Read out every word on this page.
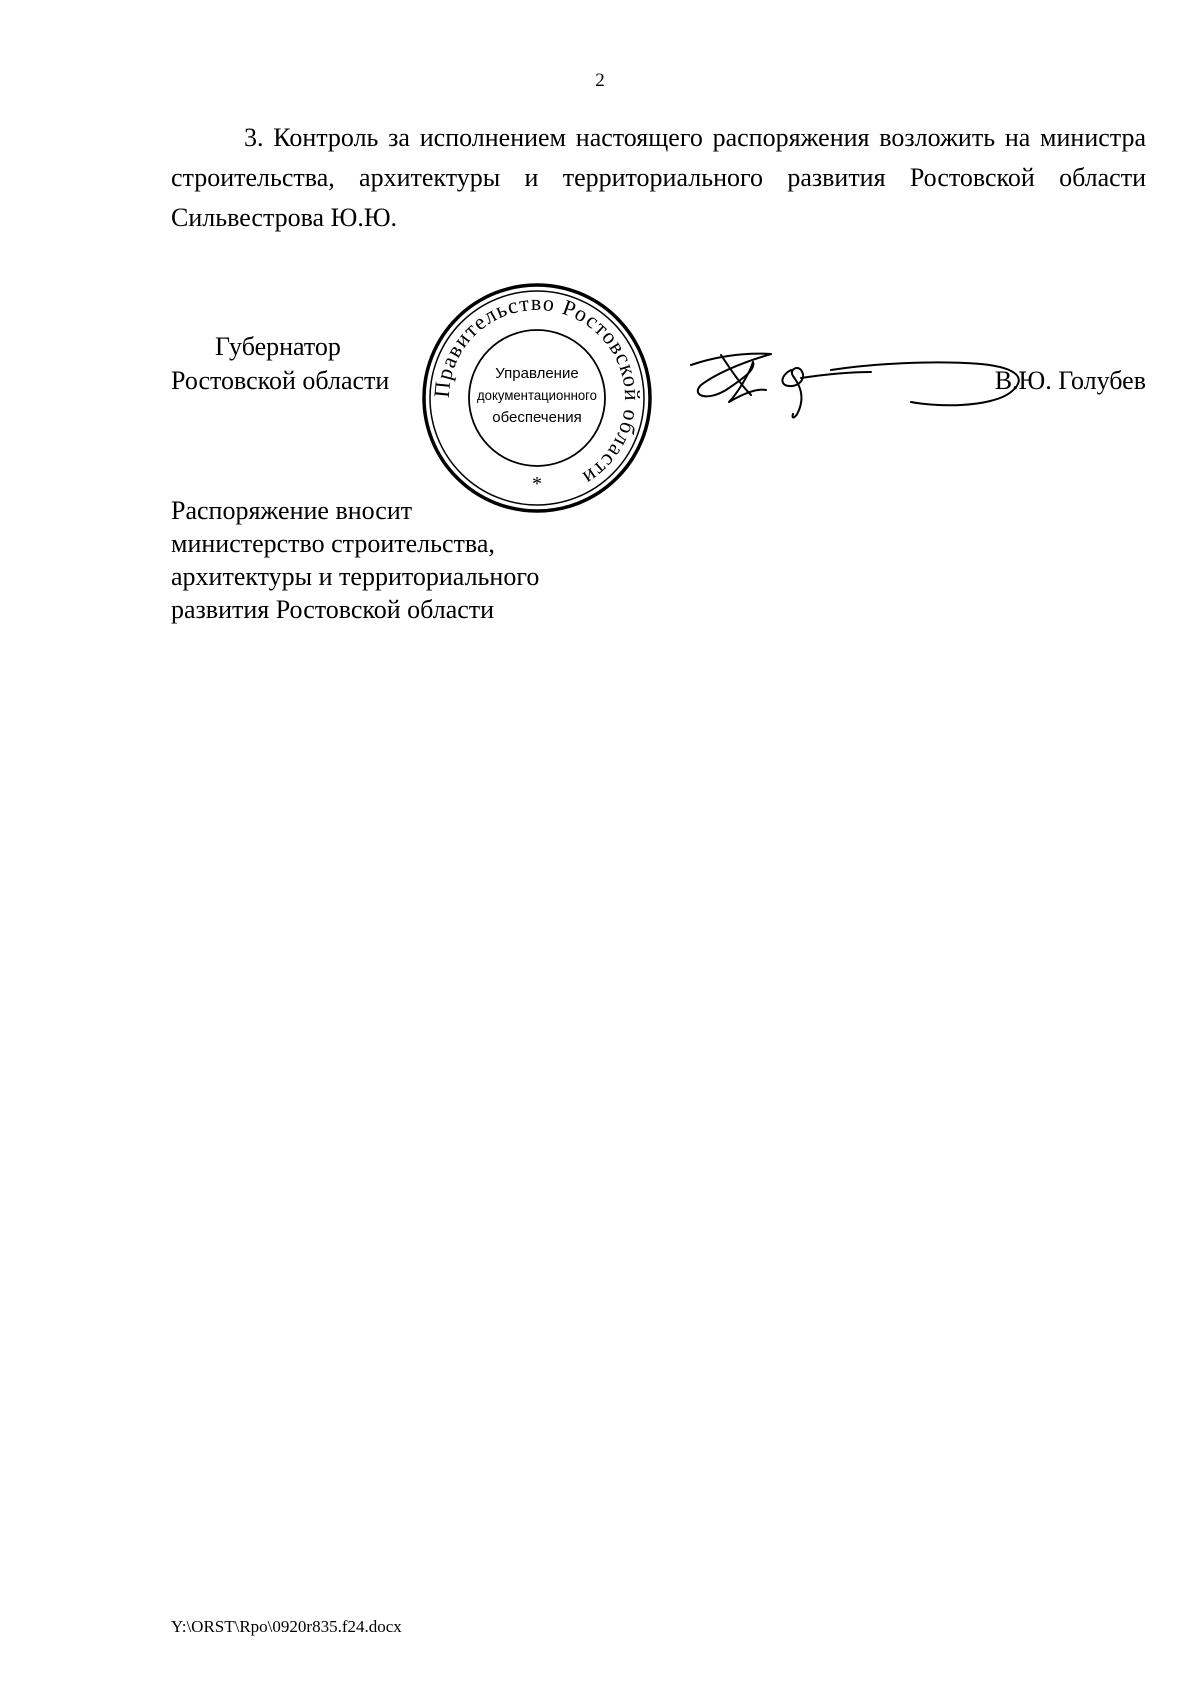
2
3. Контроль за исполнением настоящего распоряжения возложить на министра строительства, архитектуры и территориального развития Ростовской области Сильвестрова Ю.Ю.
Губернатор
Ростовской области Правительство Ростовской области
Управление
документационного
обеспечения
*
В.Ю. Голубев
Распоряжение вносит
министерство строительства,
архитектуры и территориального
развития Ростовской области
Y:\ORST\Rpo\0920r835.f24.docx
